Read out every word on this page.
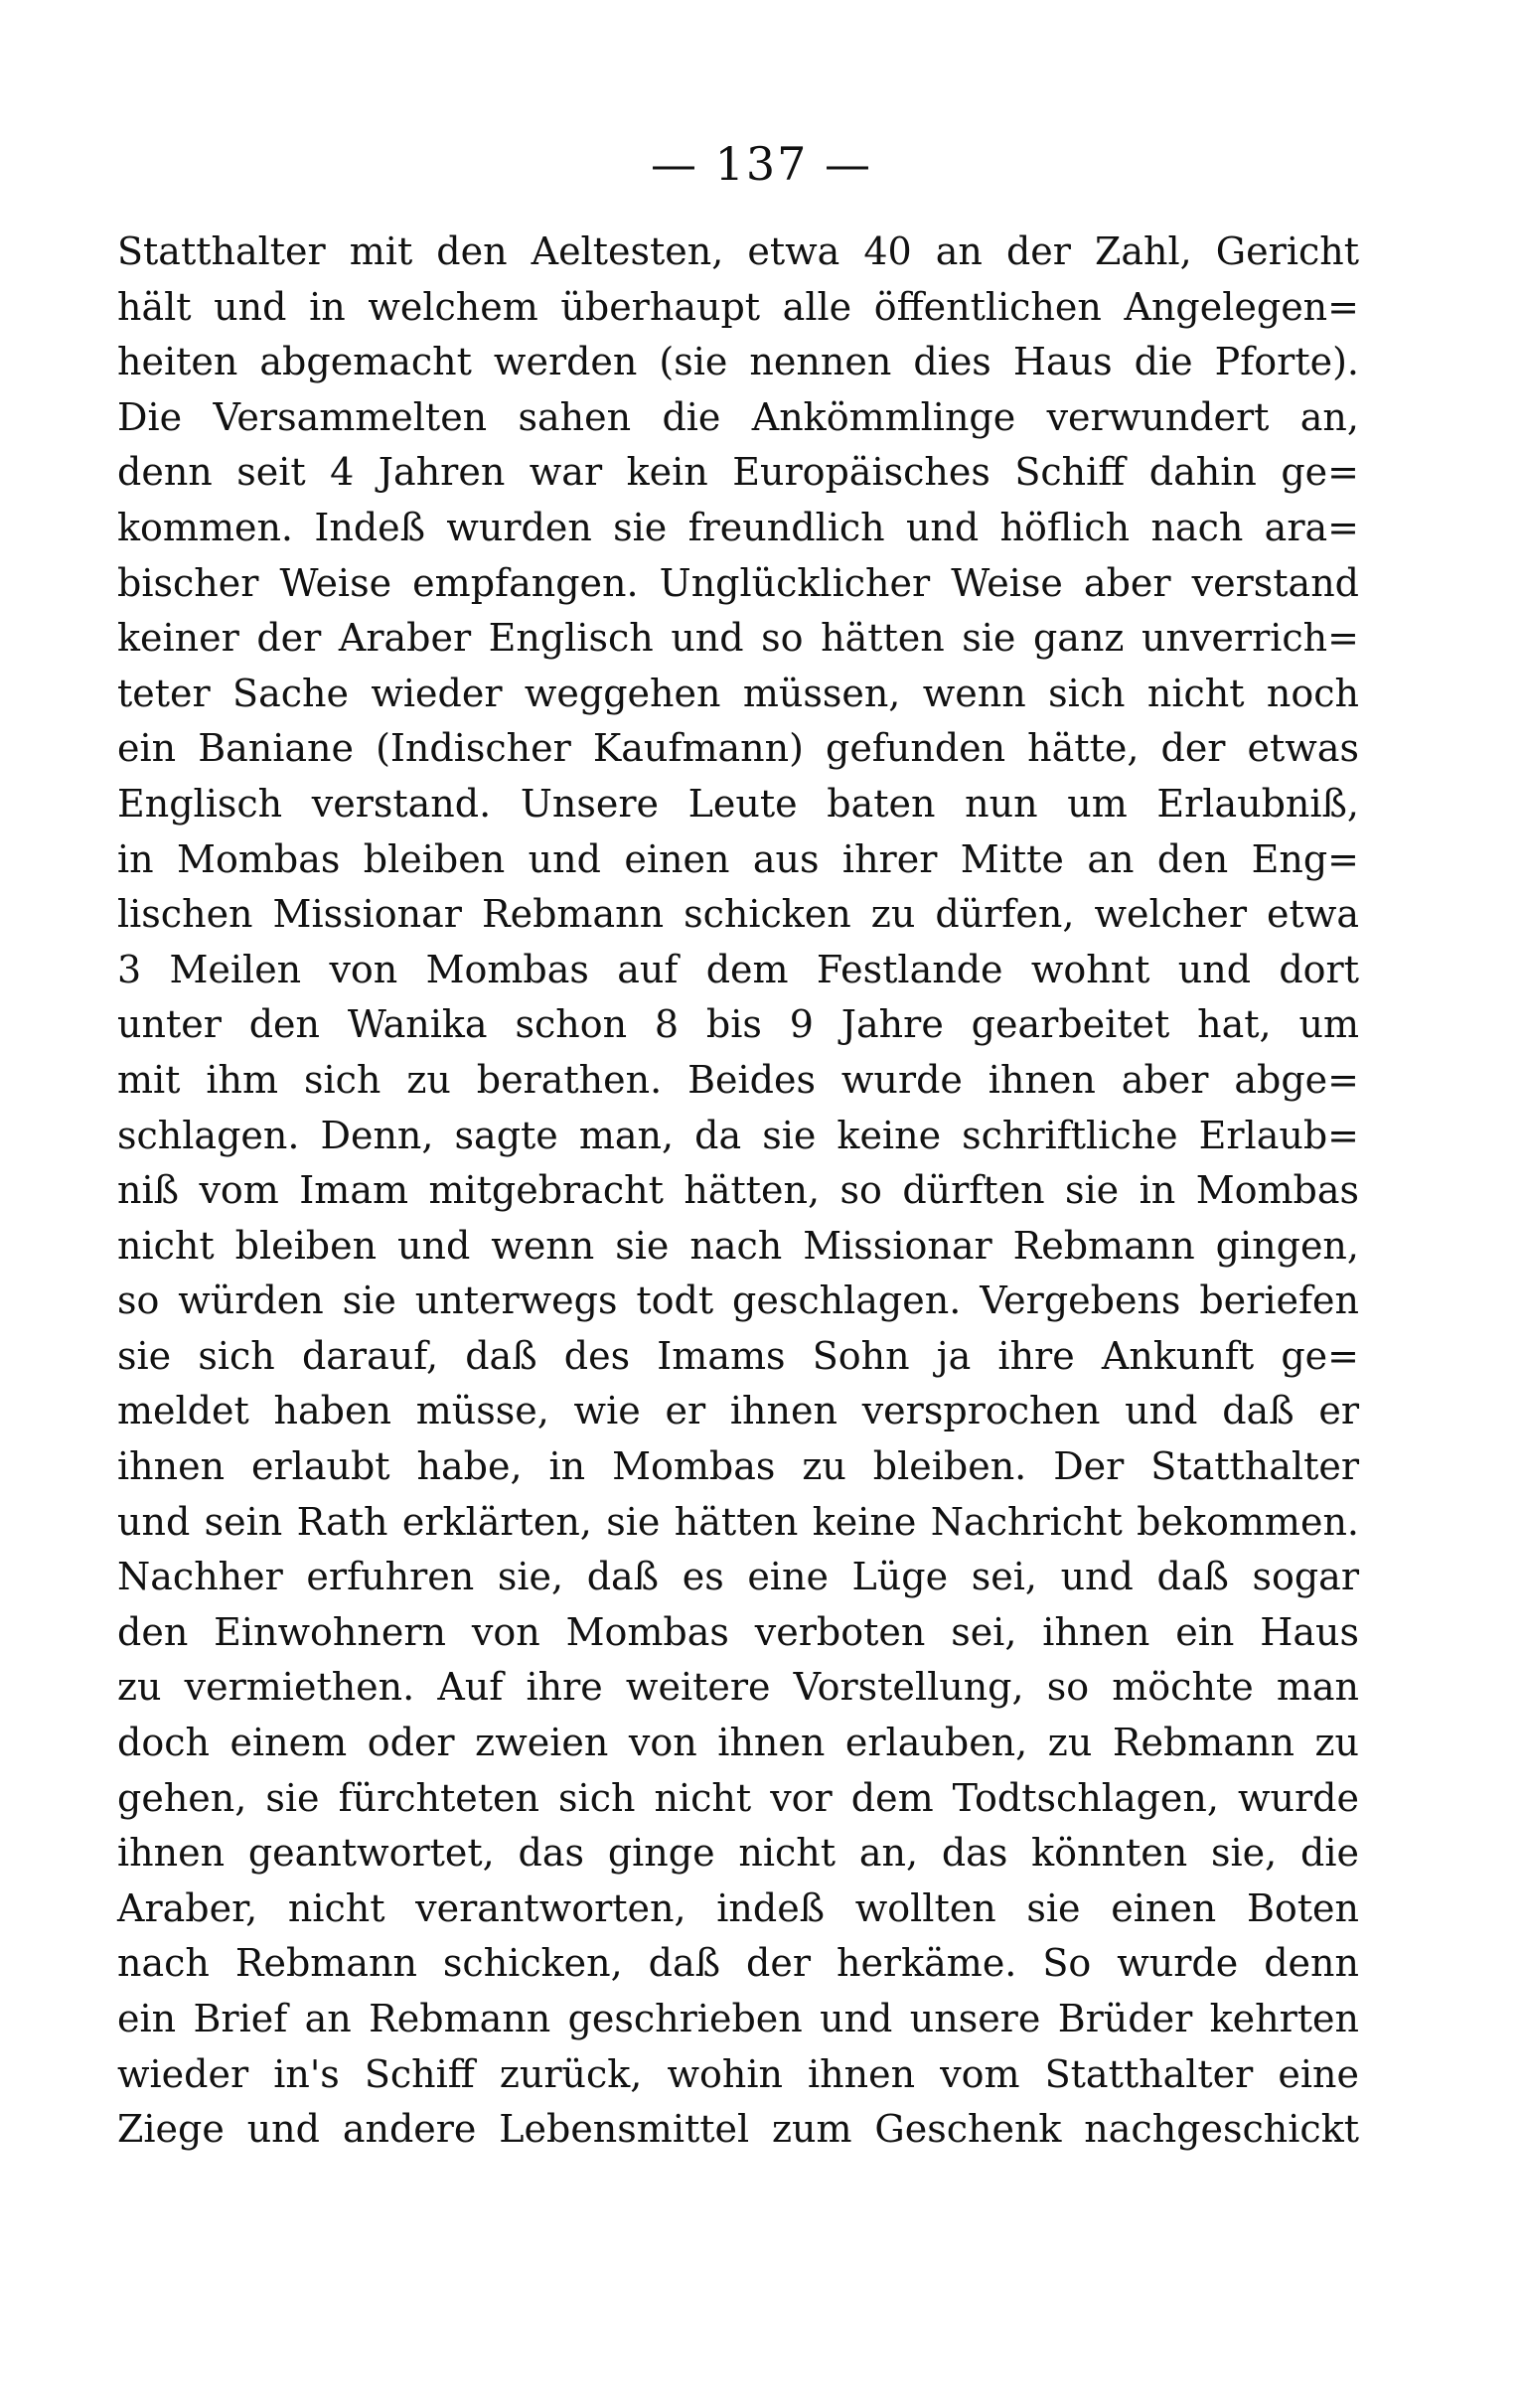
— 137 —
Statthalter mit den Aeltesten, etwa 40 an der Zahl, Gericht
hält und in welchem überhaupt alle öffentlichen Angelegen=
heiten abgemacht werden (sie nennen dies Haus die Pforte).
Die Versammelten sahen die Ankömmlinge verwundert an,
denn seit 4 Jahren war kein Europäisches Schiff dahin ge=
kommen. Indeß wurden sie freundlich und höflich nach ara=
bischer Weise empfangen. Unglücklicher Weise aber verstand
keiner der Araber Englisch und so hätten sie ganz unverrich=
teter Sache wieder weggehen müssen, wenn sich nicht noch
ein Baniane (Indischer Kaufmann) gefunden hätte, der etwas
Englisch verstand. Unsere Leute baten nun um Erlaubniß,
in Mombas bleiben und einen aus ihrer Mitte an den Eng=
lischen Missionar Rebmann schicken zu dürfen, welcher etwa
3 Meilen von Mombas auf dem Festlande wohnt und dort
unter den Wanika schon 8 bis 9 Jahre gearbeitet hat, um
mit ihm sich zu berathen. Beides wurde ihnen aber abge=
schlagen. Denn, sagte man, da sie keine schriftliche Erlaub=
niß vom Imam mitgebracht hätten, so dürften sie in Mombas
nicht bleiben und wenn sie nach Missionar Rebmann gingen,
so würden sie unterwegs todt geschlagen. Vergebens beriefen
sie sich darauf, daß des Imams Sohn ja ihre Ankunft ge=
meldet haben müsse, wie er ihnen versprochen und daß er
ihnen erlaubt habe, in Mombas zu bleiben. Der Statthalter
und sein Rath erklärten, sie hätten keine Nachricht bekommen.
Nachher erfuhren sie, daß es eine Lüge sei, und daß sogar
den Einwohnern von Mombas verboten sei, ihnen ein Haus
zu vermiethen. Auf ihre weitere Vorstellung, so möchte man
doch einem oder zweien von ihnen erlauben, zu Rebmann zu
gehen, sie fürchteten sich nicht vor dem Todtschlagen, wurde
ihnen geantwortet, das ginge nicht an, das könnten sie, die
Araber, nicht verantworten, indeß wollten sie einen Boten
nach Rebmann schicken, daß der herkäme. So wurde denn
ein Brief an Rebmann geschrieben und unsere Brüder kehrten
wieder in's Schiff zurück, wohin ihnen vom Statthalter eine
Ziege und andere Lebensmittel zum Geschenk nachgeschickt
